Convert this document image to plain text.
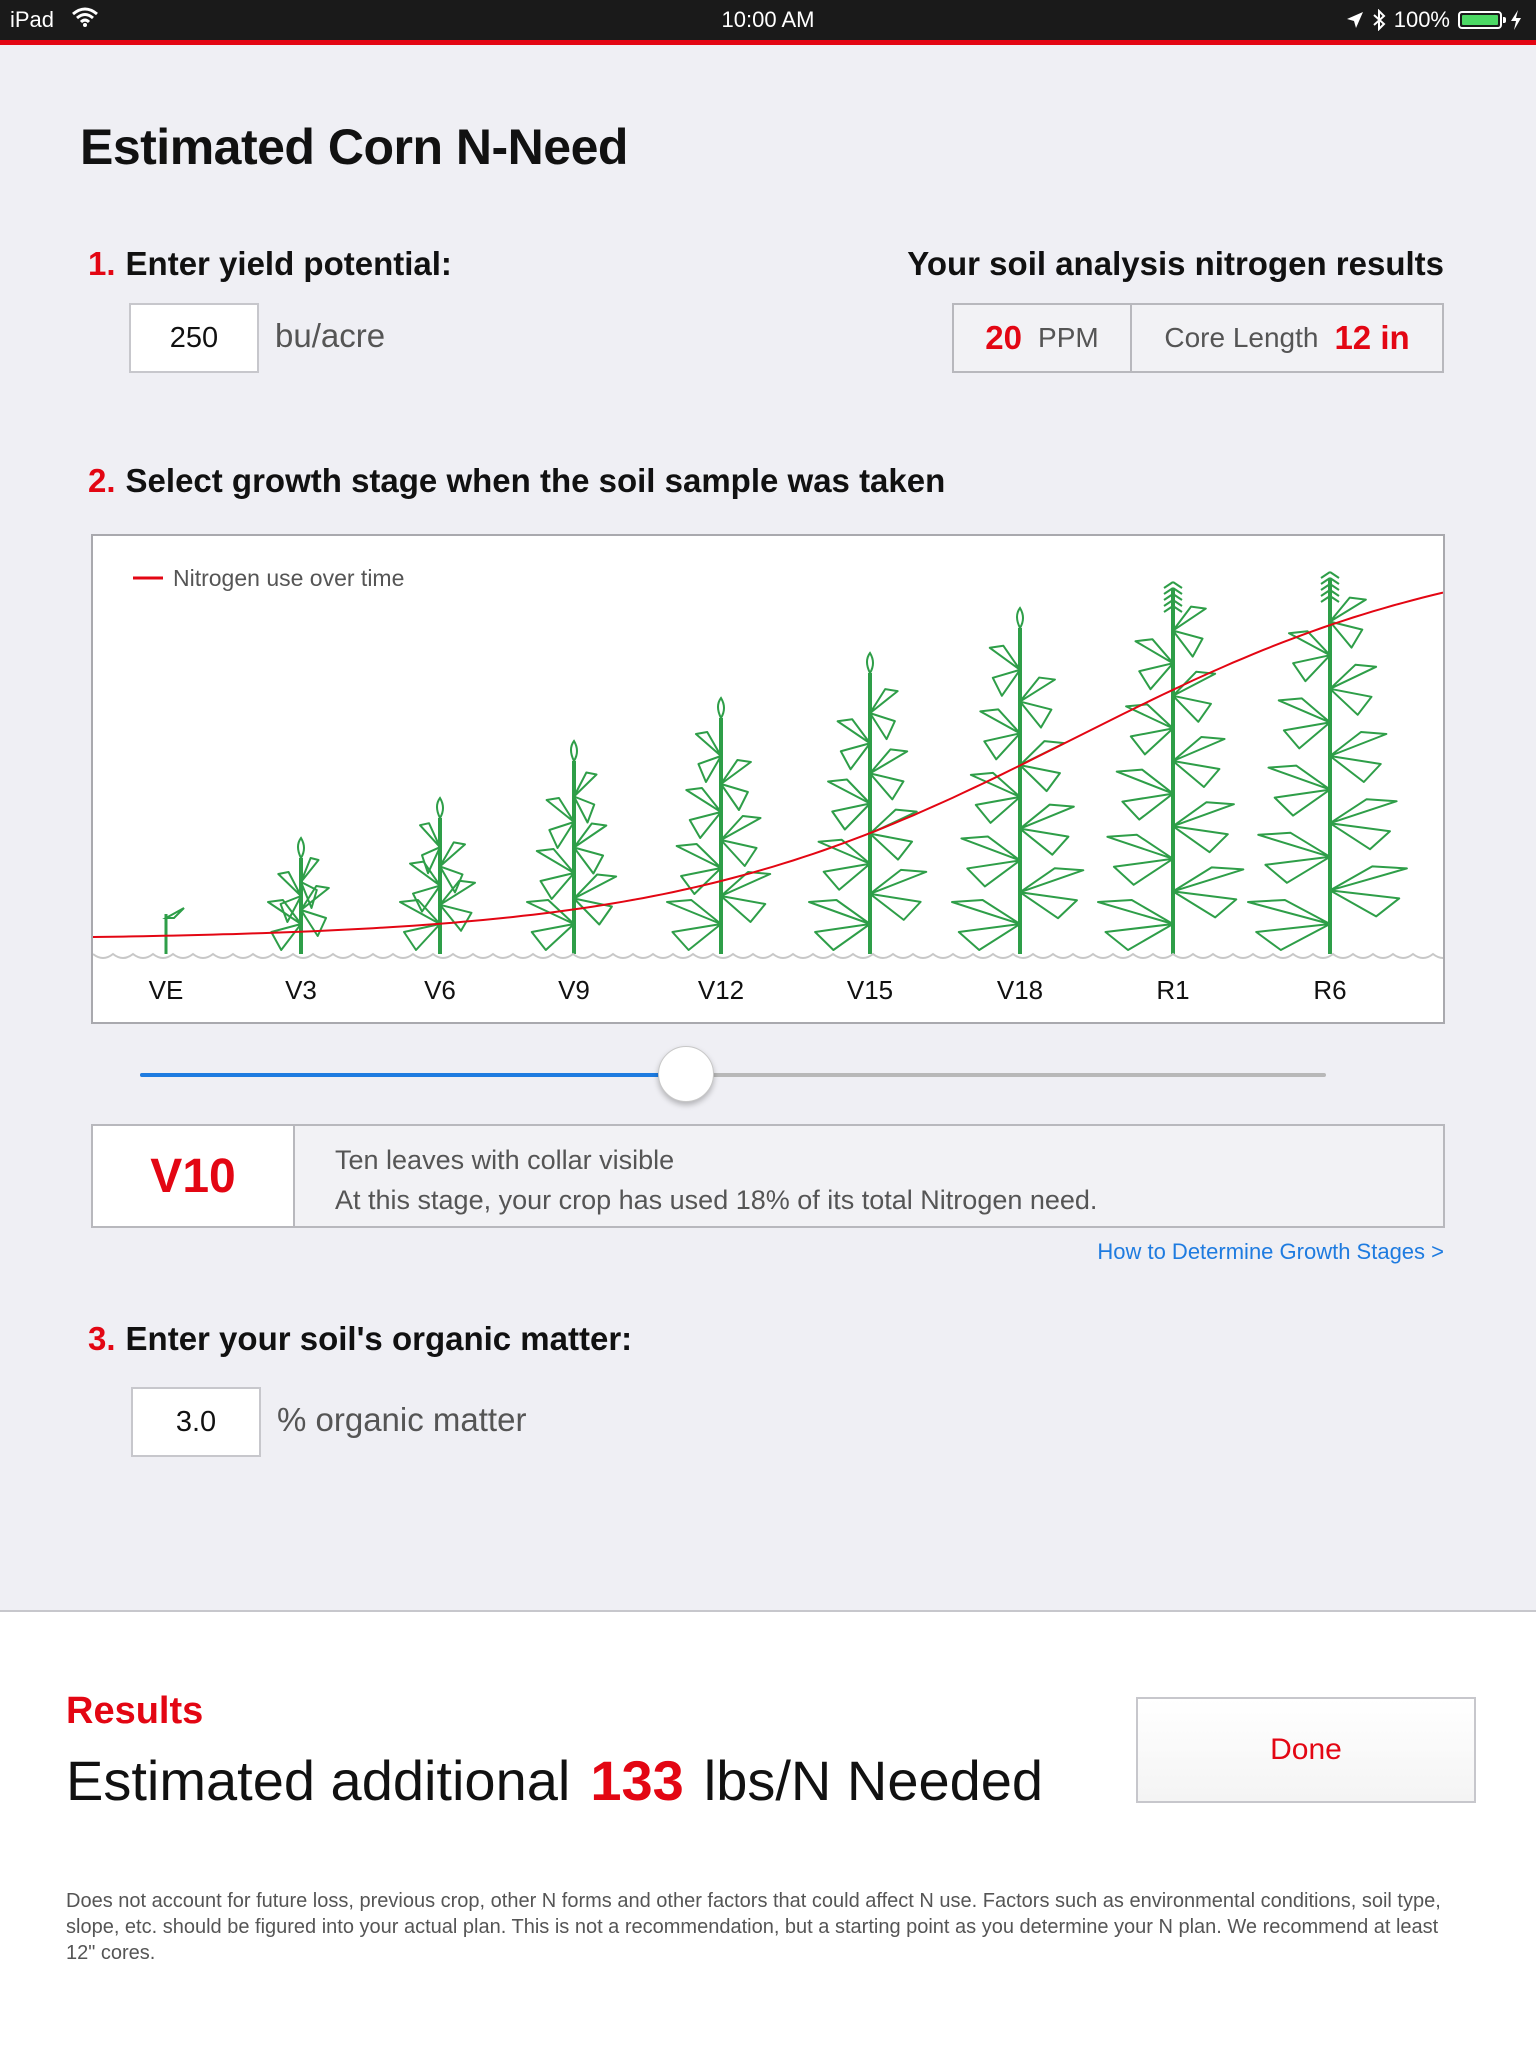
iPad	10:00 AM	100%
Estimated Corn N-Need
1. Enter yield potential:
250	bu/acre
Your soil analysis nitrogen results
20 PPM Core Length 12 in
2. Select growth stage when the soil sample was taken
Nitrogen use over time
VE	V3	V6	V9	V12	V15	V18	R1	R6
V10	Ten leaves with collar visible
At this stage, your crop has used 18% of its total Nitrogen need.
How to Determine Growth Stages >
3. Enter your soil's organic matter:
3.0	% organic matter
Results
Estimated additional 133 lbs/N Needed	Done
Does not account for future loss, previous crop, other N forms and other factors that could affect N use. Factors such as environmental conditions, soil type, slope, etc. should be figured into your actual plan. This is not a recommendation, but a starting point as you determine your N plan. We recommend at least 12" cores.
